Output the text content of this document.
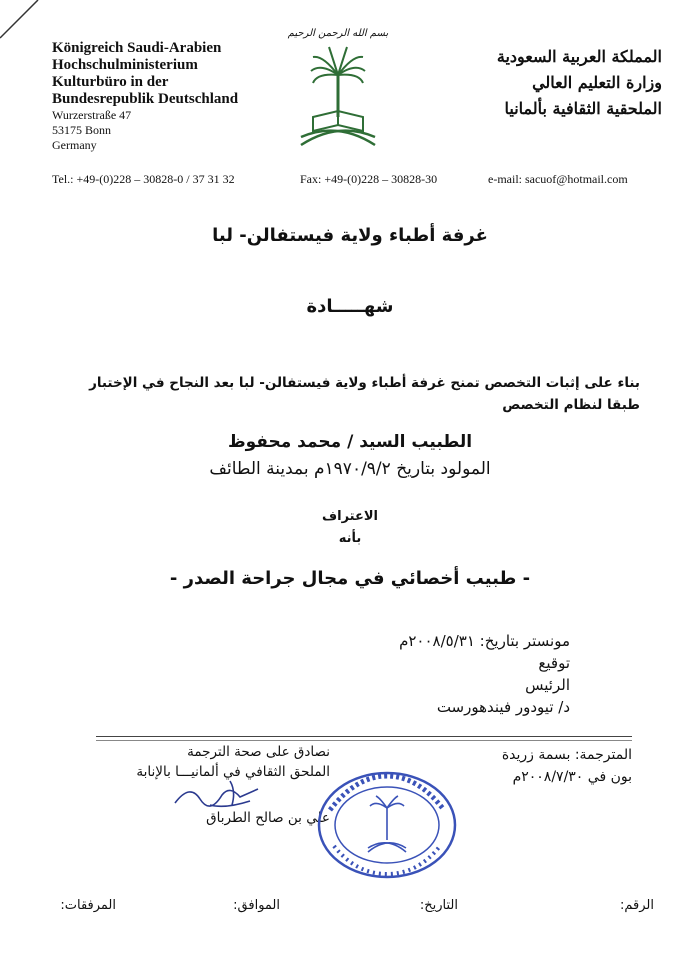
Königreich Saudi-Arabien
Hochschulministerium
Kulturbüro in der
Bundesrepublik Deutschland
Wurzerstraße 47
53175 Bonn
Germany
بسم الله الرحمن الرحيم
المملكة العربية السعودية
وزارة التعليم العالي
الملحقية الثقافية بألمانيا
Tel.: +49-(0)228 – 30828-0 / 37 31 32	Fax: +49-(0)228 – 30828-30	e-mail: sacuof@hotmail.com
غرفة أطباء ولاية فيستفالن- لبا
شهـــــادة
بناء على إثبات التخصص تمنح غرفة أطباء ولاية فيستفالن- لبا بعد النجاح في الإختبار طبقا لنظام التخصص
الطبيب السيد / محمد محفوظ
المولود بتاريخ ١٩٧٠/٩/٢م بمدينة الطائف
الاعتراف
بأنه
- طبيب أخصائي في مجال جراحة الصدر -
مونستر بتاريخ: ٢٠٠٨/٥/٣١م
توقيع
الرئيس
د/ تيودور فيندهورست
المترجمة: بسمة زريدة
بون في ٢٠٠٨/٧/٣٠م
نصادق على صحة الترجمة
الملحق الثقافي في ألمانيـــا بالإنابة
علي بن صالح الطرباق
الرقم:
التاريخ:
الموافق:
المرفقات:
